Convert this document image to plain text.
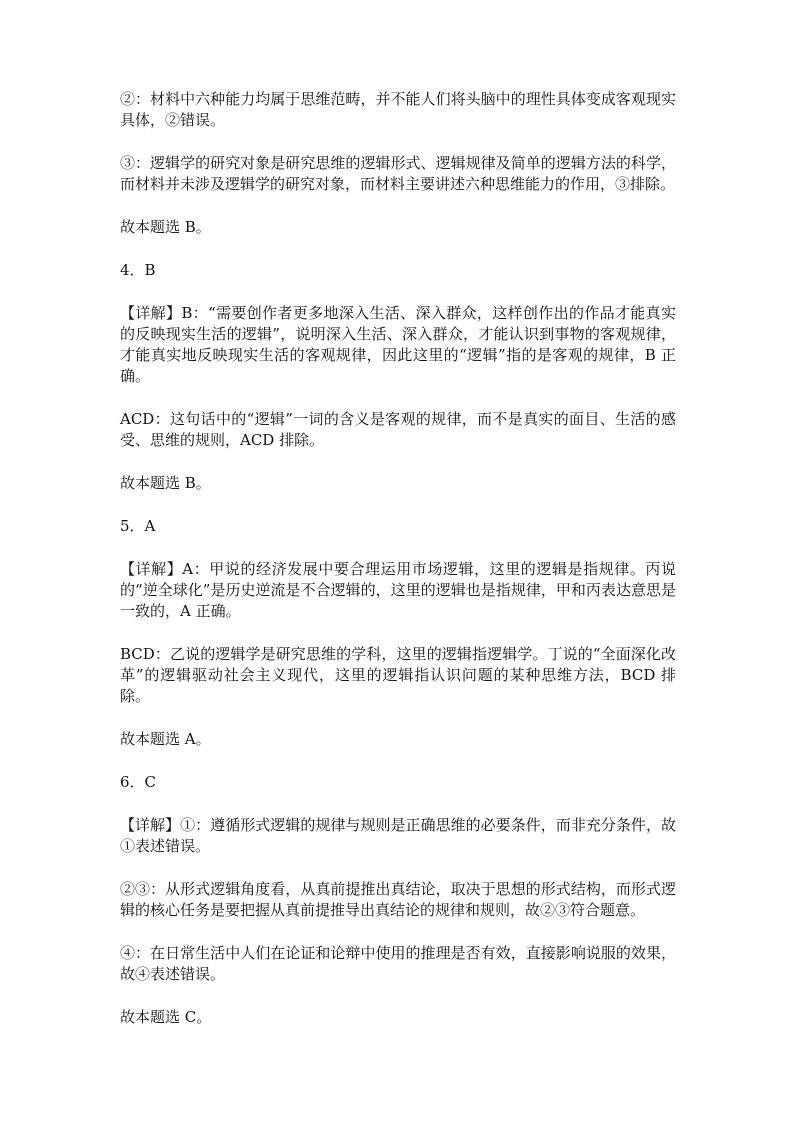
②：材料中六种能力均属于思维范畴，并不能人们将头脑中的理性具体变成客观现实具体，②错误。

③：逻辑学的研究对象是研究思维的逻辑形式、逻辑规律及简单的逻辑方法的科学，而材料并未涉及逻辑学的研究对象，而材料主要讲述六种思维能力的作用，③排除。

故本题选 B。

4．B

【详解】B：“需要创作者更多地深入生活、深入群众，这样创作出的作品才能真实的反映现实生活的逻辑”，说明深入生活、深入群众，才能认识到事物的客观规律，才能真实地反映现实生活的客观规律，因此这里的“逻辑”指的是客观的规律，B 正确。

ACD：这句话中的“逻辑”一词的含义是客观的规律，而不是真实的面目、生活的感受、思维的规则，ACD 排除。

故本题选 B。

5．A

【详解】A：甲说的经济发展中要合理运用市场逻辑，这里的逻辑是指规律。丙说的“逆全球化”是历史逆流是不合逻辑的，这里的逻辑也是指规律，甲和丙表达意思是一致的，A 正确。

BCD：乙说的逻辑学是研究思维的学科，这里的逻辑指逻辑学。丁说的“全面深化改革”的逻辑驱动社会主义现代，这里的逻辑指认识问题的某种思维方法，BCD 排除。

故本题选 A。

6．C

【详解】①：遵循形式逻辑的规律与规则是正确思维的必要条件，而非充分条件，故①表述错误。

②③：从形式逻辑角度看，从真前提推出真结论，取决于思想的形式结构，而形式逻辑的核心任务是要把握从真前提推导出真结论的规律和规则，故②③符合题意。

④：在日常生活中人们在论证和论辩中使用的推理是否有效，直接影响说服的效果，故④表述错误。

故本题选 C。
